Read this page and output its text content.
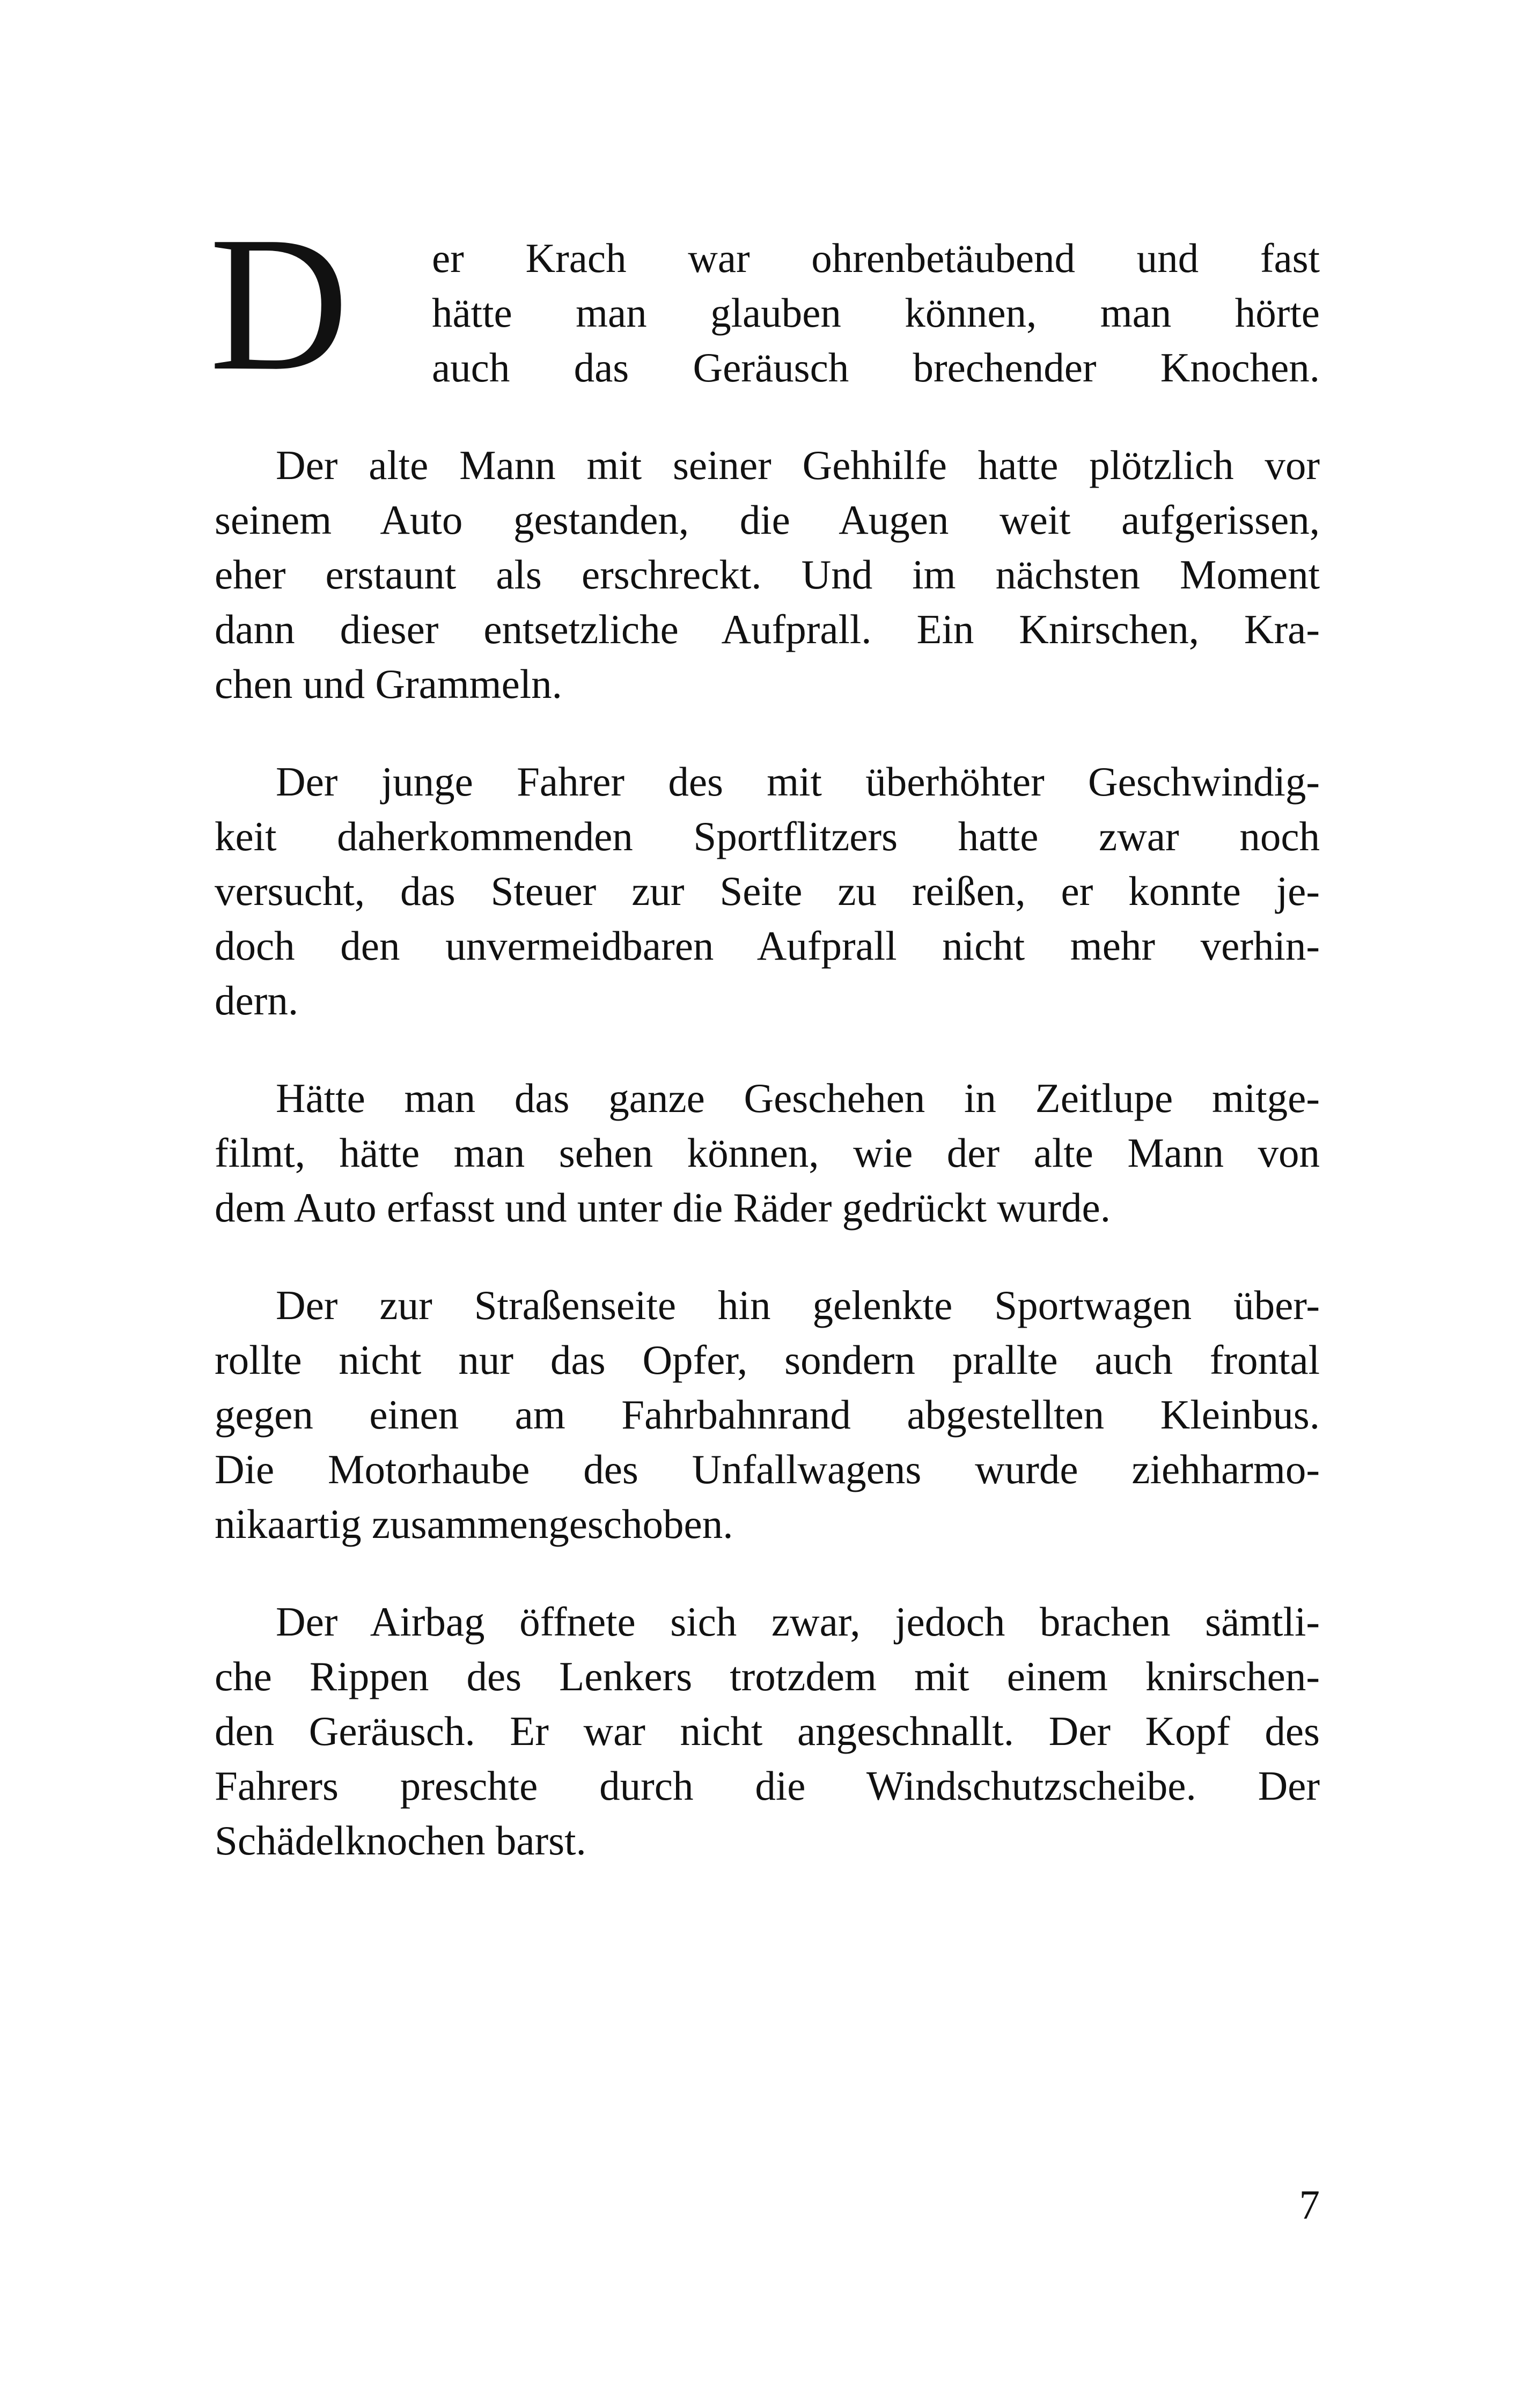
D er Krach war ohrenbetäubend und fast
hätte man glauben können, man hörte
auch das Geräusch brechender Knochen.
Der alte Mann mit seiner Gehhilfe hatte plötzlich vor
seinem Auto gestanden, die Augen weit aufgerissen,
eher erstaunt als erschreckt. Und im nächsten Moment
dann dieser entsetzliche Aufprall. Ein Knirschen, Kra-
chen und Grammeln.
Der junge Fahrer des mit überhöhter Geschwindig-
keit daherkommenden Sportflitzers hatte zwar noch
versucht, das Steuer zur Seite zu reißen, er konnte je-
doch den unvermeidbaren Aufprall nicht mehr verhin-
dern.
Hätte man das ganze Geschehen in Zeitlupe mitge-
filmt, hätte man sehen können, wie der alte Mann von
dem Auto erfasst und unter die Räder gedrückt wurde.
Der zur Straßenseite hin gelenkte Sportwagen über-
rollte nicht nur das Opfer, sondern prallte auch frontal
gegen einen am Fahrbahnrand abgestellten Kleinbus.
Die Motorhaube des Unfallwagens wurde ziehharmo-
nikaartig zusammengeschoben.
Der Airbag öffnete sich zwar, jedoch brachen sämtli-
che Rippen des Lenkers trotzdem mit einem knirschen-
den Geräusch. Er war nicht angeschnallt. Der Kopf des
Fahrers preschte durch die Windschutzscheibe. Der
Schädelknochen barst.
7
